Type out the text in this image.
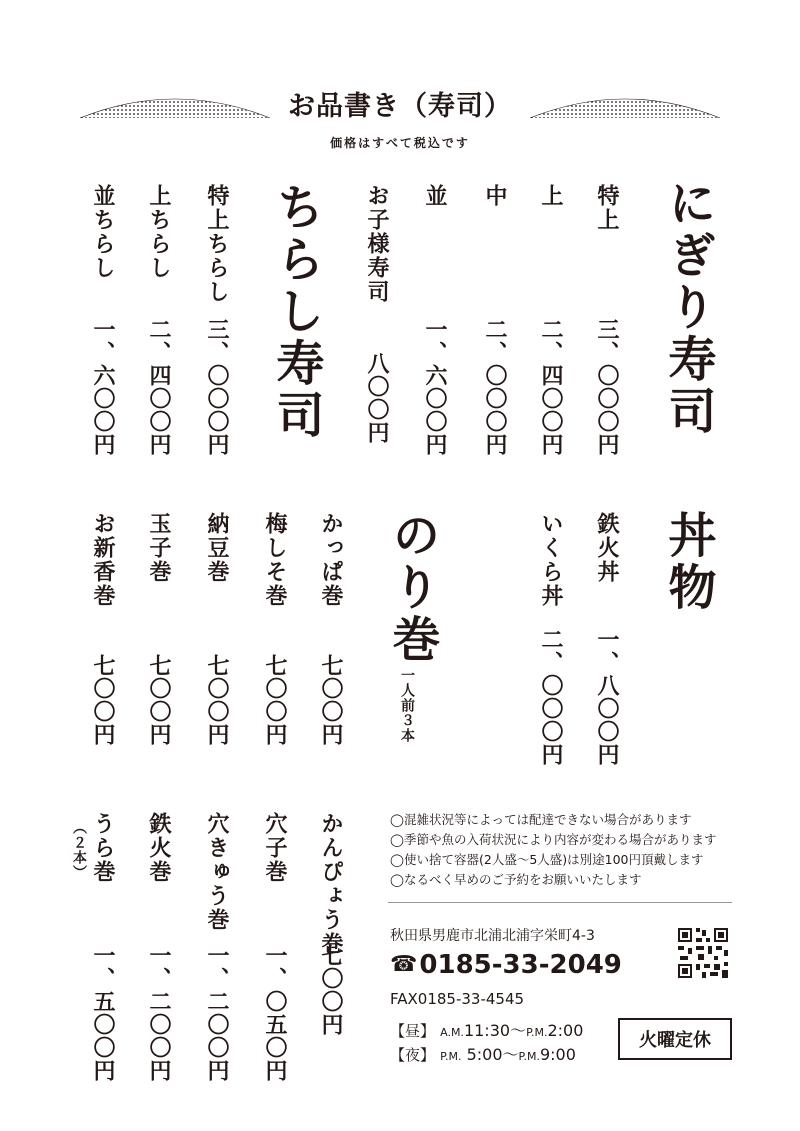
お品書き（寿司）
価格はすべて税込です
にぎり寿司
特上
三、〇〇〇円
上
二、四〇〇円
中
二、〇〇〇円
並
一、六〇〇円
お子様寿司
八〇〇円
ちらし寿司
特上ちらし
三、〇〇〇円
上ちらし
二、四〇〇円
並ちらし
一、六〇〇円
丼物
鉄火丼
一、八〇〇円
いくら丼
二、〇〇〇円
のり巻
一人前３本
かっぱ巻
七〇〇円
梅しそ巻
七〇〇円
納豆巻
七〇〇円
玉子巻
七〇〇円
お新香巻
七〇〇円
かんぴょう巻
七〇〇円
穴子巻
一、〇五〇円
穴きゅう巻
一、二〇〇円
鉄火巻
一、二〇〇円
うら巻
（２本）
一、五〇〇円
◯混雑状況等によっては配達できない場合があります
◯季節や魚の入荷状況により内容が変わる場合があります
◯使い捨て容器(2人盛〜5人盛)は別途100円頂戴します
◯なるべく早めのご予約をお願いいたします
秋田県男鹿市北浦北浦字栄町4-3
☎0185-33-2049
FAX0185-33-4545
【昼】 A.M.11:30〜P.M.2:00
【夜】 P.M. 5:00〜P.M.9:00
火曜定休
